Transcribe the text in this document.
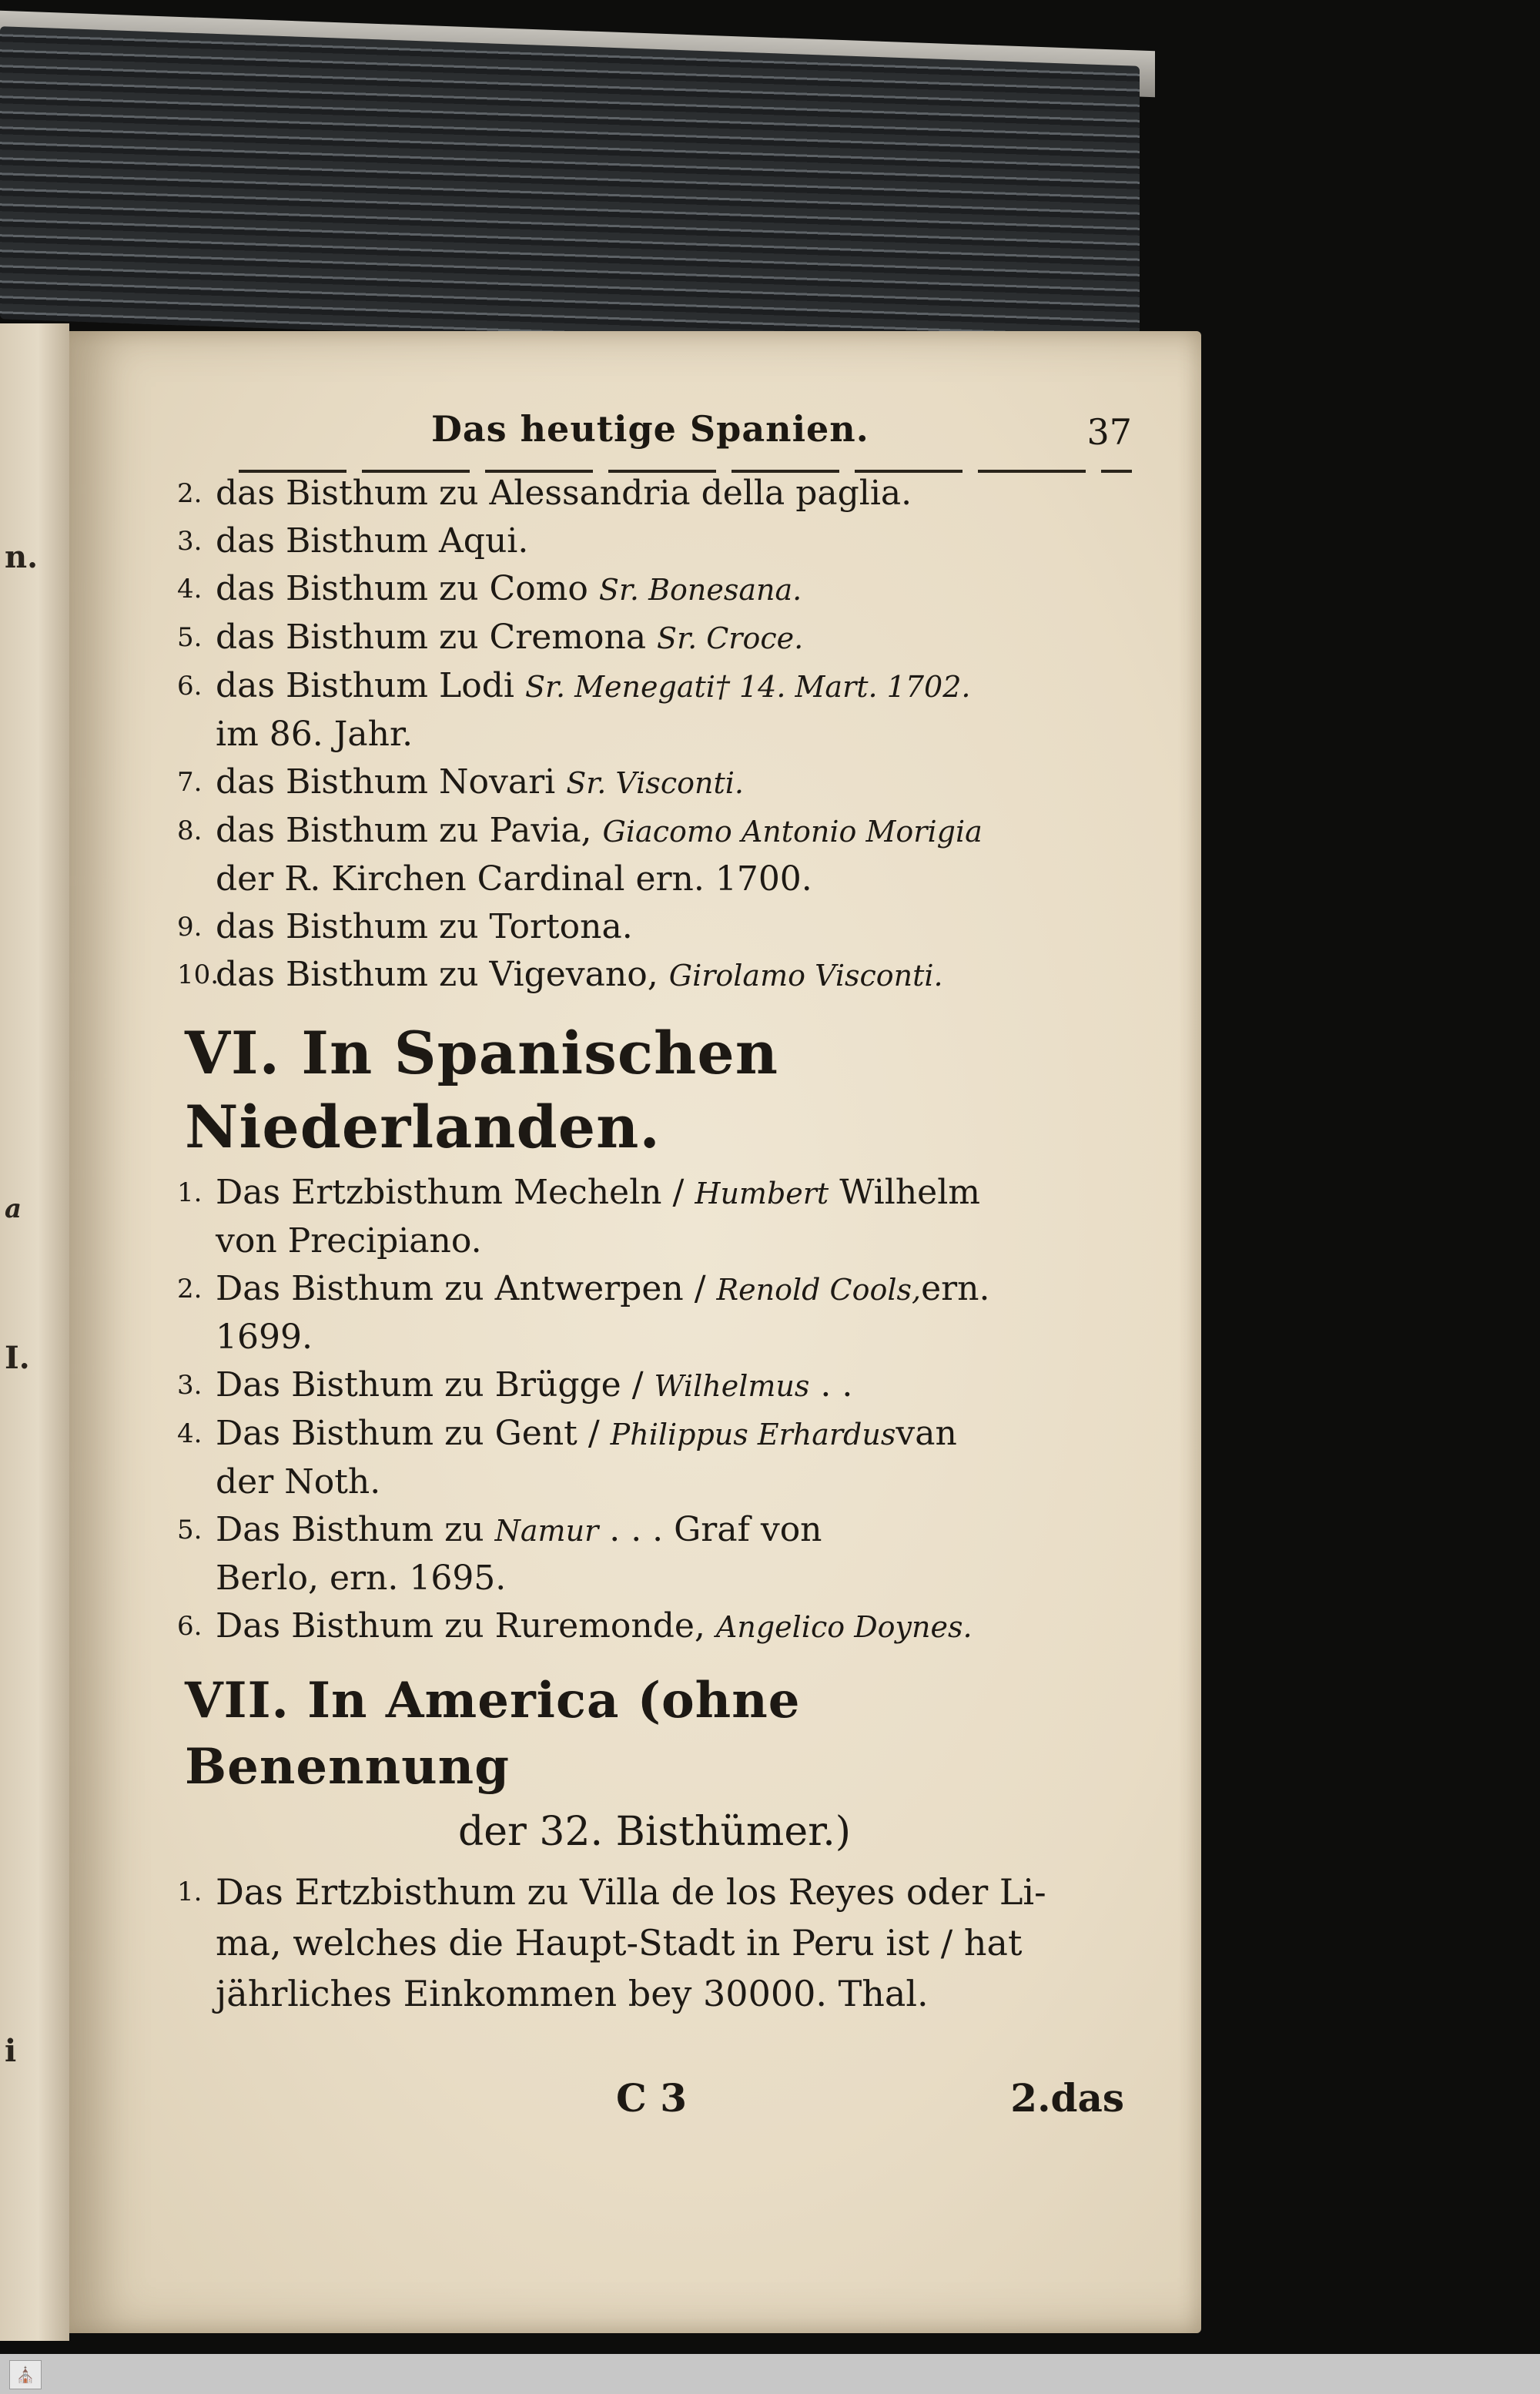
n.
a
I.
i
Das heutige Spanien.	37

2. das Bisthum zu Alessandria della paglia.

3. das Bisthum Aqui.

4. das Bisthum zu Como Sr. Bonesana.

5. das Bisthum zu Cremona Sr. Croce.

6. das Bisthum Lodi Sr. Menegati† 14. Mart. 1702.
im 86. Jahr.

7. das Bisthum Novari Sr. Visconti.

8. das Bisthum zu Pavia, Giacomo Antonio Morigia
der R. Kirchen Cardinal ern. 1700.

9. das Bisthum zu Tortona.

10.
das Bisthum zu Vigevano, Girolamo Visconti.

VI. In Spanischen Niederlanden.

1. Das Ertzbisthum Mecheln / Humbert Wilhelm
von Precipiano.

2. Das Bisthum zu Antwerpen / Renold Cools,ern.
1699.

3. Das Bisthum zu Brügge / Wilhelmus . .

4. Das Bisthum zu Gent / Philippus Erhardusvan
der Noth.

5. Das Bisthum zu Namur . . . Graf von
Berlo, ern. 1695.

6. Das Bisthum zu Ruremonde, Angelico Doynes.

VII. In America (ohne Benennung
der 32. Bisthümer.)

1. Das Ertzbisthum zu Villa de los Reyes oder Li-
ma, welches die Haupt-Stadt in Peru ist / hat
jährliches Einkommen bey 30000. Thal.

C 3	2.das
⛪
